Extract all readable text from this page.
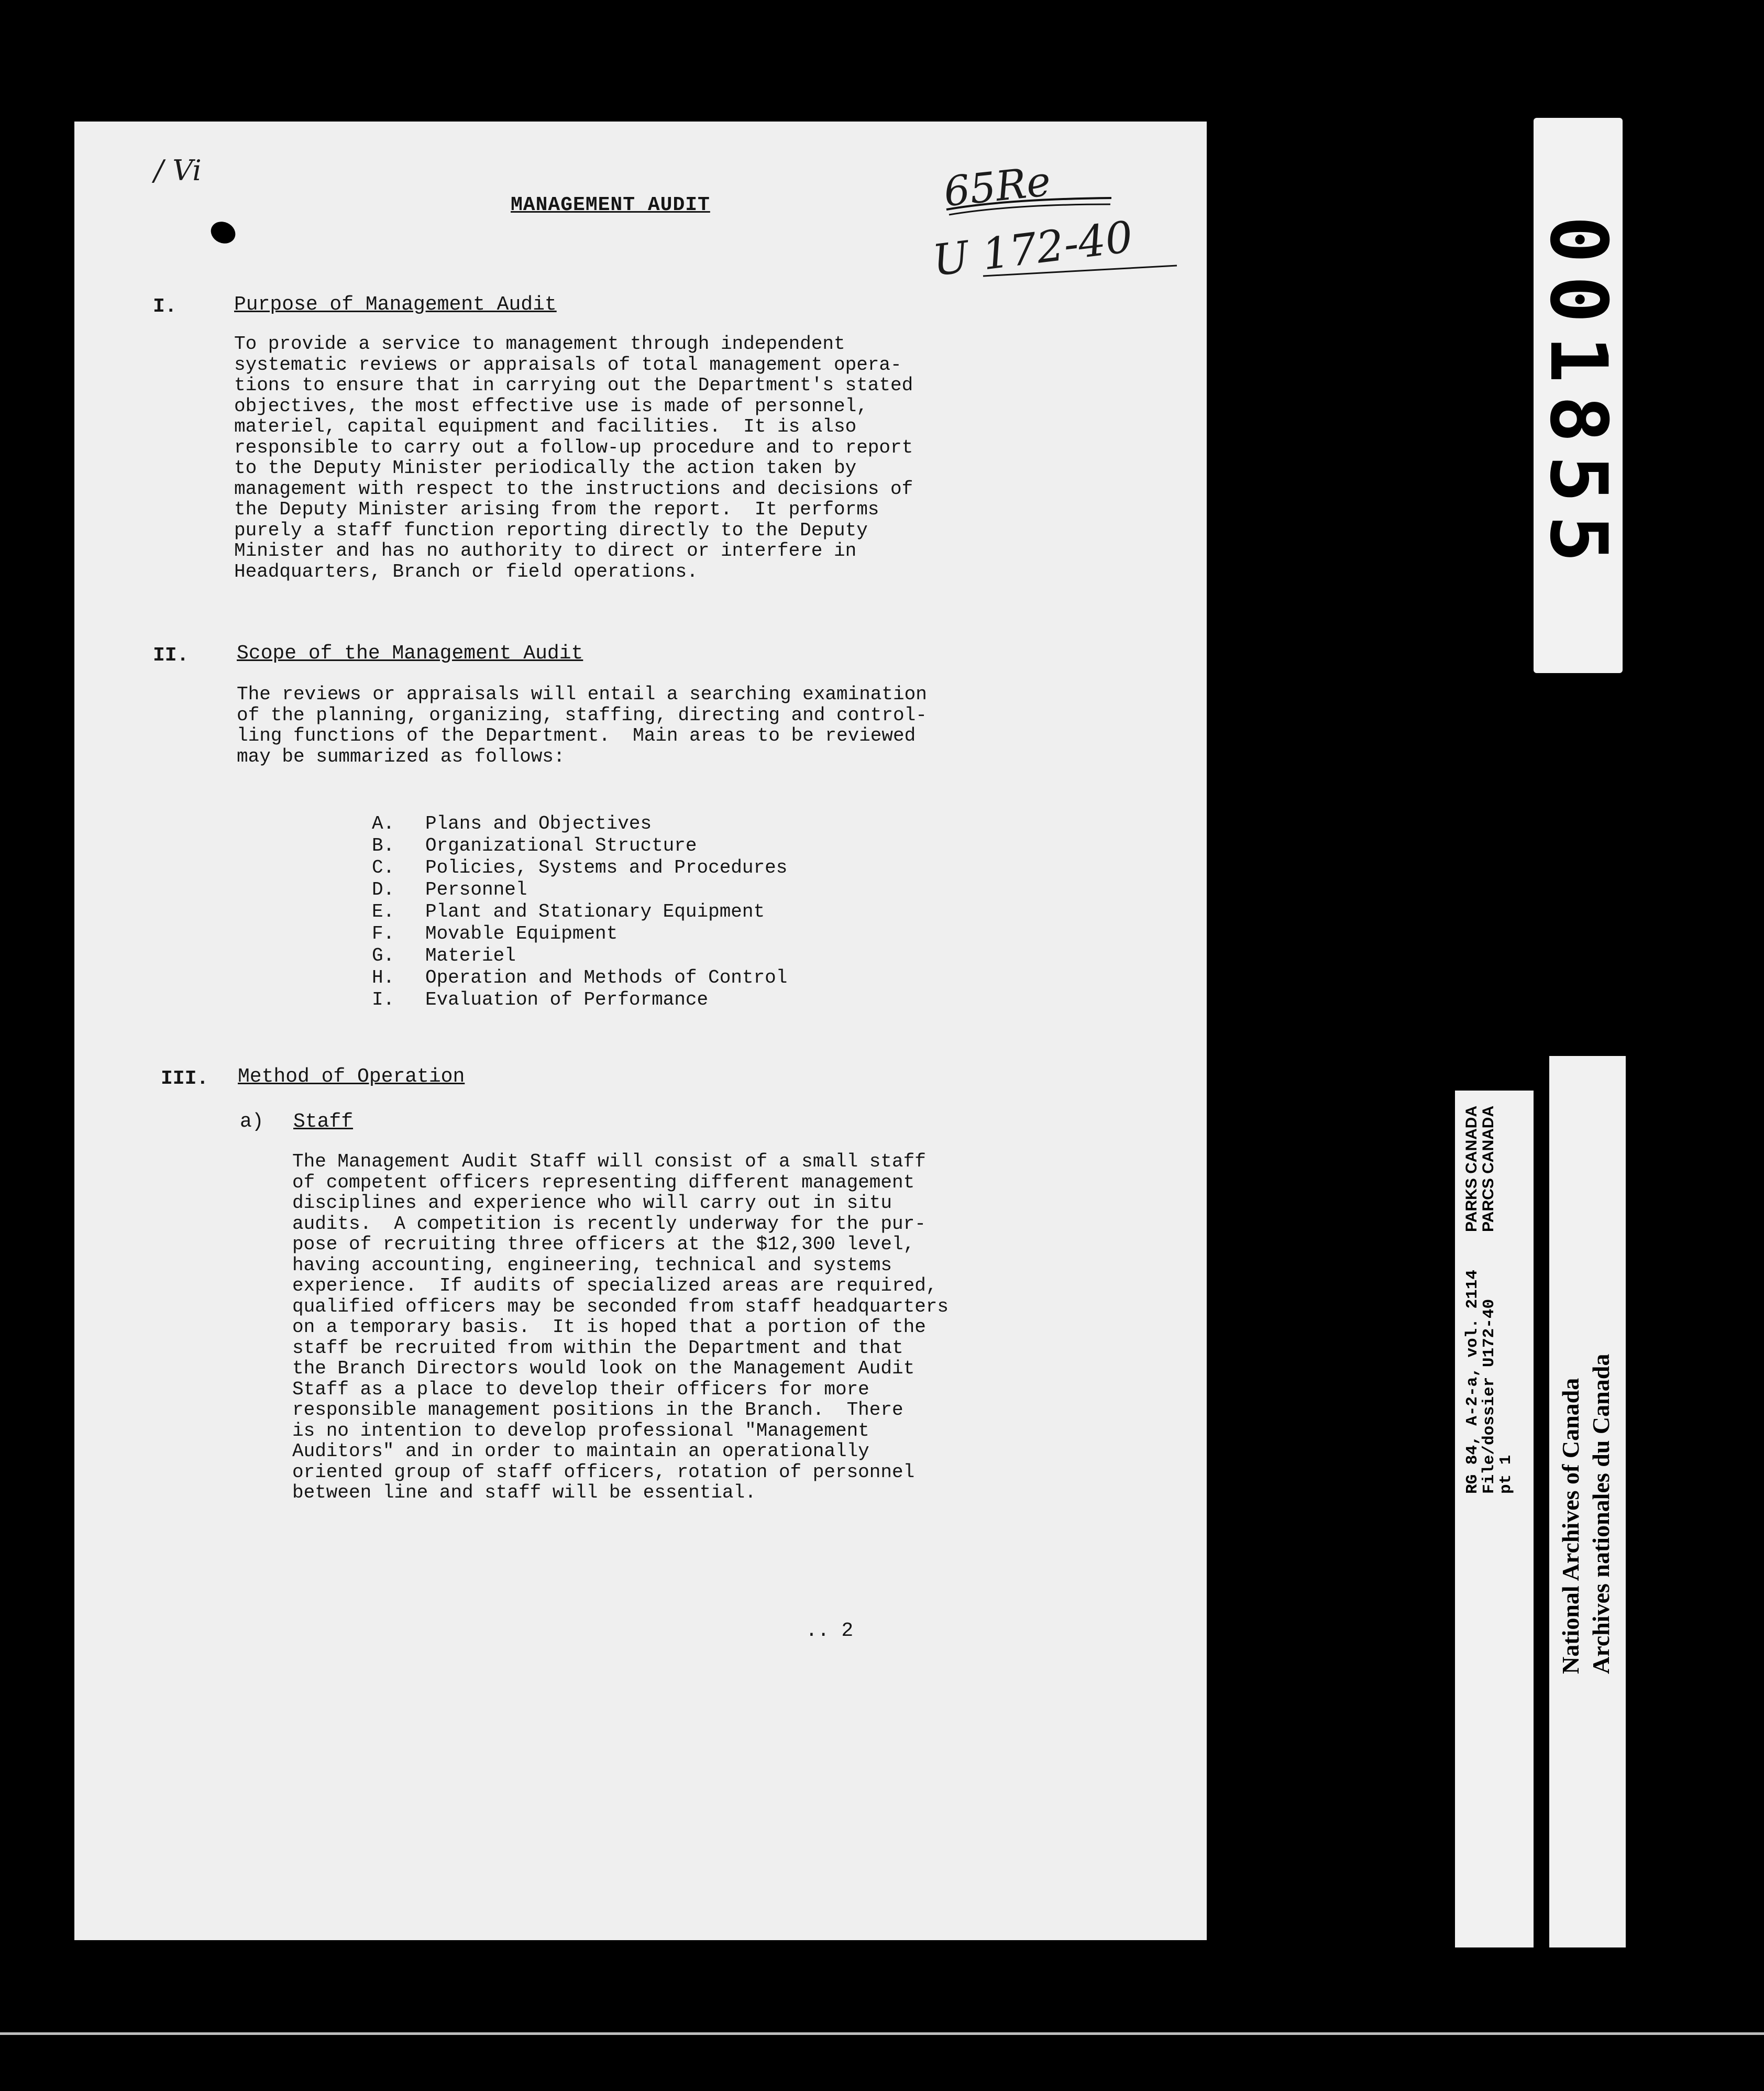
/ Vi
MANAGEMENT AUDIT	65Re
U 172-40
I.	Purpose of Management Audit
To provide a service to management through independent
systematic reviews or appraisals of total management opera-
tions to ensure that in carrying out the Department's stated
objectives, the most effective use is made of personnel,
materiel, capital equipment and facilities.  It is also
responsible to carry out a follow-up procedure and to report
to the Deputy Minister periodically the action taken by
management with respect to the instructions and decisions of
the Deputy Minister arising from the report.  It performs
purely a staff function reporting directly to the Deputy
Minister and has no authority to direct or interfere in
Headquarters, Branch or field operations.
II. Scope of the Management Audit
The reviews or appraisals will entail a searching examination
of the planning, organizing, staffing, directing and control-
ling functions of the Department.  Main areas to be reviewed
may be summarized as follows:
A.	Plans and Objectives
B.	Organizational Structure
C.	Policies, Systems and Procedures
D.	Personnel
E.	Plant and Stationary Equipment
F.	Movable Equipment
G.	Materiel
H.	Operation and Methods of Control
I.	Evaluation of Performance
III. Method of Operation
a) Staff
The Management Audit Staff will consist of a small staff
of competent officers representing different management
disciplines and experience who will carry out in situ
audits.  A competition is recently underway for the pur-
pose of recruiting three officers at the $12,300 level,
having accounting, engineering, technical and systems
experience.  If audits of specialized areas are required,
qualified officers may be seconded from staff headquarters
on a temporary basis.  It is hoped that a portion of the
staff be recruited from within the Department and that
the Branch Directors would look on the Management Audit
Staff as a place to develop their officers for more
responsible management positions in the Branch.  There
is no intention to develop professional "Management
Auditors" and in order to maintain an operationally
oriented group of staff officers, rotation of personnel
between line and staff will be essential.
.. 2
001855
PARKS CANADA PARCS CANADA
RG 84, A-2-a, vol. 2114
File/dossier U172-40
pt 1 National Archives of Canada Archives nationales du Canada
